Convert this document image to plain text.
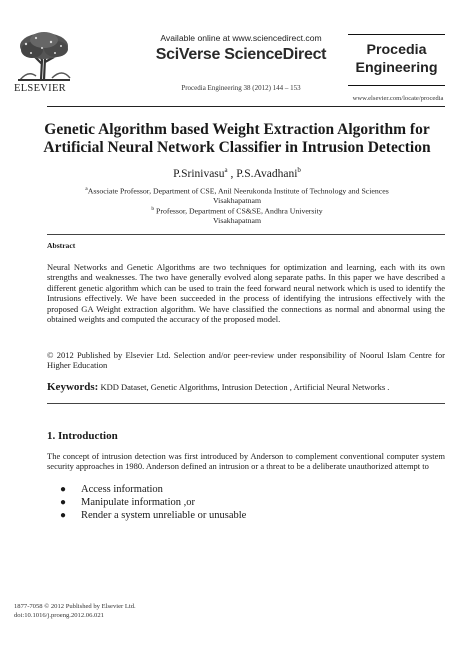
ELSEVIER
Available online at www.sciencedirect.com
SciVerse ScienceDirect
Procedia Engineering 38 (2012) 144 – 153
Procedia
Engineering
www.elsevier.com/locate/procedia
Genetic Algorithm based Weight Extraction Algorithm for
Artificial Neural Network Classifier in Intrusion Detection
P.Srinivasu$^a$ , P.S.Avadhani$^b$
$^a$Associate Professor, Department of CSE, Anil Neerukonda Institute of Technology and Sciences
Visakhapatnam
$^b$ Professor, Department of CS&SE, Andhra University
Visakhapatnam
Abstract
Neural Networks and Genetic Algorithms are two techniques for optimization and learning, each with its own strengths and weaknesses. The two have generally evolved along separate paths. In this paper we have described a different genetic algorithm which can be used to train the feed forward neural network which is used to identify the Intrusions effectively. We have been succeeded in the process of identifying the intrusions effectively with the proposed GA Weight extraction algorithm. We have classified the connections as normal and abnormal using the obtained weights and computed the accuracy of the proposed model.
© 2012 Published by Elsevier Ltd. Selection and/or peer-review under responsibility of Noorul Islam Centre for Higher Education
Keywords: KDD Dataset, Genetic Algorithms, Intrusion Detection , Artificial Neural Networks .
1. Introduction
The concept of intrusion detection was first introduced by Anderson to complement conventional computer system security approaches in 1980. Anderson defined an intrusion or a threat to be a deliberate unauthorized attempt to
● Access information
● Manipulate information ,or
● Render a system unreliable or unusable
1877-7058 © 2012 Published by Elsevier Ltd.
doi:10.1016/j.proeng.2012.06.021
